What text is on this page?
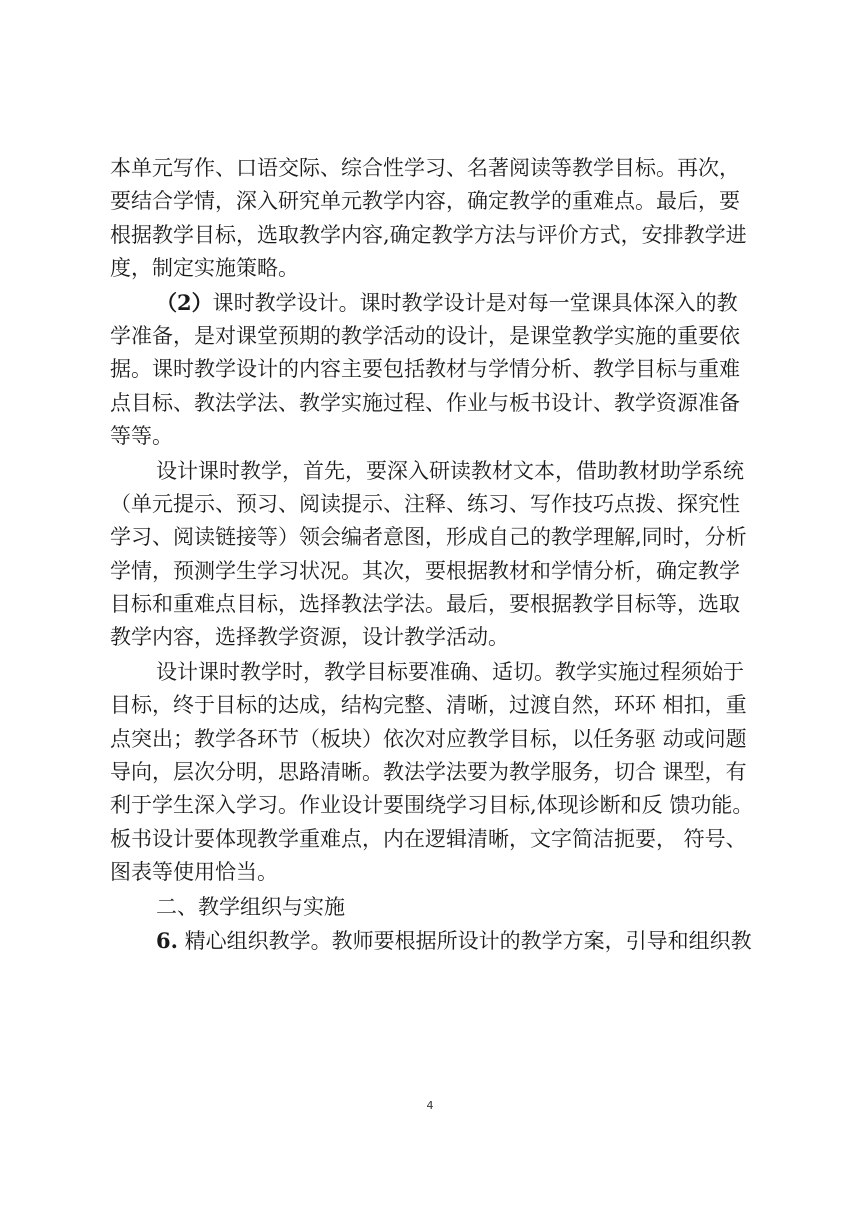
本单元写作、口语交际、综合性学习、名著阅读等教学目标。再次，
要结合学情，深入研究单元教学内容，确定教学的重难点。最后，要
根据教学目标，选取教学内容,确定教学方法与评价方式，安排教学进
度，制定实施策略。
（2）课时教学设计。课时教学设计是对每一堂课具体深入的教
学准备，是对课堂预期的教学活动的设计，是课堂教学实施的重要依
据。课时教学设计的内容主要包括教材与学情分析、教学目标与重难
点目标、教法学法、教学实施过程、作业与板书设计、教学资源准备
等等。
设计课时教学，首先，要深入研读教材文本，借助教材助学系统
（单元提示、预习、阅读提示、注释、练习、写作技巧点拨、探究性
学习、阅读链接等）领会编者意图，形成自己的教学理解,同时，分析
学情，预测学生学习状况。其次，要根据教材和学情分析，确定教学
目标和重难点目标，选择教法学法。最后，要根据教学目标等，选取
教学内容，选择教学资源，设计教学活动。
设计课时教学时，教学目标要准确、适切。教学实施过程须始于
目标，终于目标的达成，结构完整、清晰，过渡自然，环环 相扣，重
点突出；教学各环节（板块）依次对应教学目标，以任务驱 动或问题
导向，层次分明，思路清晰。教法学法要为教学服务，切合 课型，有
利于学生深入学习。作业设计要围绕学习目标,体现诊断和反 馈功能。
板书设计要体现教学重难点，内在逻辑清晰，文字简洁扼要， 符号、
图表等使用恰当。
二、教学组织与实施
6. 精心组织教学。教师要根据所设计的教学方案，引导和组织教
4
